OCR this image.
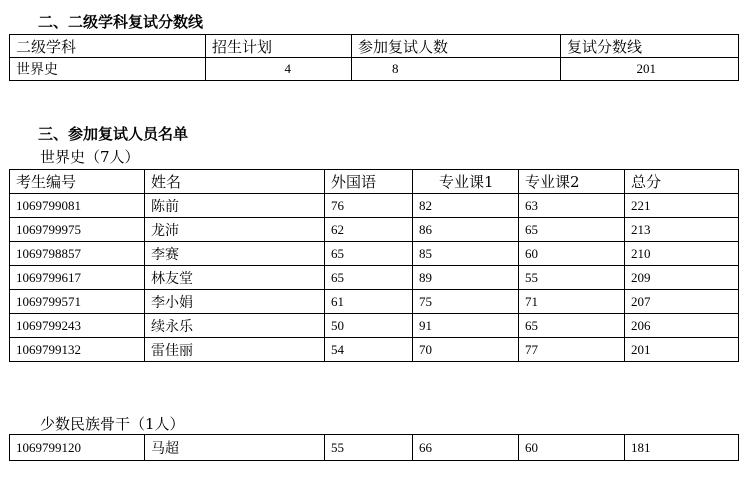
二、二级学科复试分数线
二级学科	招生计划	参加复试人数	复试分数线
世界史	4	8	201
三、参加复试人员名单
世界史（7人）
考生编号	姓名	外国语	专业课1	专业课2	总分
1069799081	陈前	76	82	63	221
1069799975	龙沛	62	86	65	213
1069798857	李赛	65	85	60	210
1069799617	林友堂	65	89	55	209
1069799571	李小娟	61	75	71	207
1069799243	续永乐	50	91	65	206
1069799132	雷佳丽	54	70	77	201
少数民族骨干（1人）
1069799120	马超	55	66	60	181
